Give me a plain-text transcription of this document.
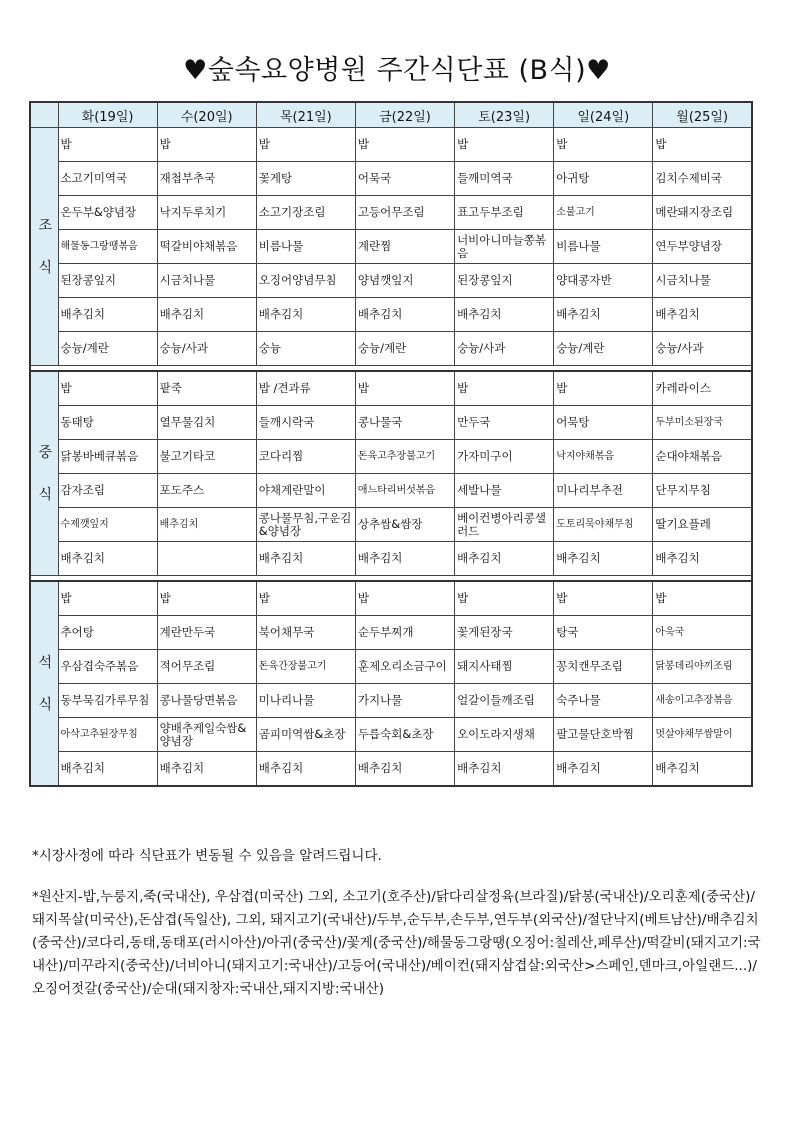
♥숲속요양병원 주간식단표 (B식)♥
	화(19일)	수(20일)	목(21일)	금(22일)	토(23일)	일(24일)	월(25일)

조
식	밥	밥	밥	밥	밥	밥	밥
	소고기미역국	재첩부추국	꽃게탕	어묵국	들깨미역국	아귀탕	김치수제비국
	온두부&양념장	낙지두루치기	소고기장조림	고등어무조림	표고두부조림	소불고기	메란돼지장조림
	해물동그랑땡볶음	떡갈비야채볶음	비름나물	계란찜	너비아니마늘쫑볶음	비름나물	연두부양념장
	된장콩잎지	시금치나물	오징어양념무침	양념깻잎지	된장콩잎지	양대콩자반	시금치나물
	배추김치	배추김치	배추김치	배추김치	배추김치	배추김치	배추김치
	숭늉/계란	숭늉/사과	숭늉	숭늉/계란	숭늉/사과	숭늉/계란	숭늉/사과

중
식	밥	팥죽	밥 /견과류	밥	밥	밥	카레라이스
	동태탕	열무물김치	들깨시락국	콩나물국	만두국	어묵탕	두부미소된장국
	닭봉바베큐볶음	불고기타코	코다리찜	돈육고추장불고기	가자미구이	낙지야채볶음	순대야채볶음
	감자조림	포도주스	야채계란말이	애느타리버섯볶음	세발나물	미나리부추전	단무지무침
	수제깻잎지	배추김치	콩나물무침,구운김&양념장	상추쌈&쌈장	베이컨병아리콩샐러드	도토리묵야채무침	딸기요플레
	배추김치		배추김치	배추김치	배추김치	배추김치	배추김치

석
식	밥	밥	밥	밥	밥	밥	밥
	추어탕	계란만두국	북어채무국	순두부찌개	꽃게된장국	탕국	아욱국
	우삼겹숙주볶음	적어무조림	돈육간장불고기	훈제오리소금구이	돼지사태찜	꽁치캔무조림	닭봉데리야끼조림
	동부묵김가루무침	콩나물당면볶음	미나리나물	가지나물	얼갈이들깨조림	숙주나물	새송이고추장볶음
	아삭고추된장무침	양배추케일숙쌈&양념장	곰피미역쌈&초장	두릅숙회&초장	오이도라지생채	팔고물단호박찜	멋살야채무쌈말이
	배추김치	배추김치	배추김치	배추김치	배추김치	배추김치	배추김치
*시장사정에 따라 식단표가 변동될 수 있음을 알려드립니다.
*원산지-밥,누룽지,죽(국내산), 우삼겹(미국산) 그외, 소고기(호주산)/닭다리살정육(브라질)/닭봉(국내산)/오리훈제(중국산)/돼지목살(미국산),돈삼겹(독일산), 그외, 돼지고기(국내산)/두부,순두부,손두부,연두부(외국산)/절단낙지(베트남산)/배추김치(중국산)/코다리,동태,동태포(러시아산)/아귀(중국산)/꽃게(중국산)/해물동그랑땡(오징어:칠레산,페루산)/떡갈비(돼지고기:국내산)/미꾸라지(중국산)/너비아니(돼지고기:국내산)/고등어(국내산)/베이컨(돼지삼겹살:외국산>스페인,덴마크,아일랜드...)/오징어젓갈(중국산)/순대(돼지창자:국내산,돼지지방:국내산)
